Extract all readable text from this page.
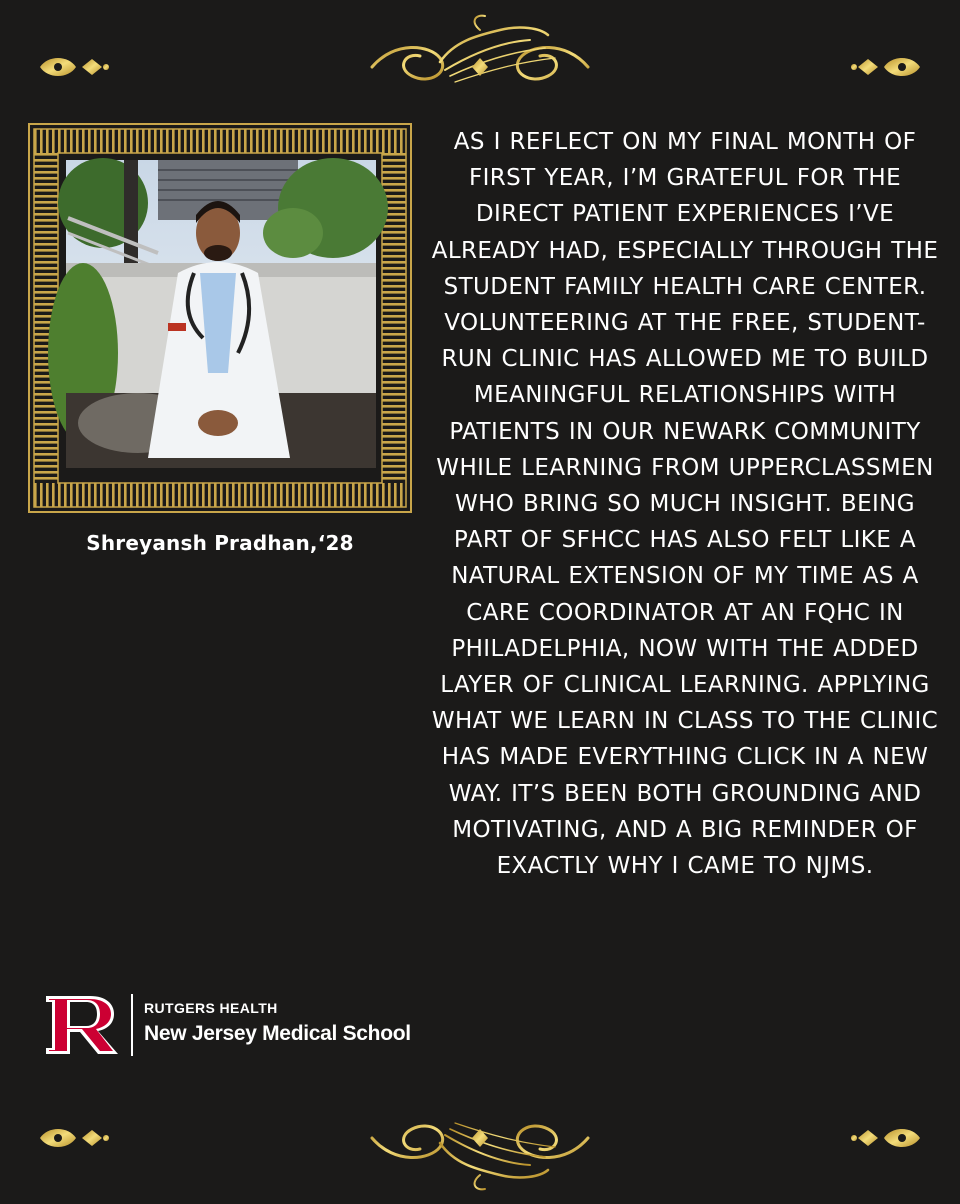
Shreyansh Pradhan,‘28
AS I REFLECT ON MY FINAL MONTH OF FIRST YEAR, I’M GRATEFUL FOR THE DIRECT PATIENT EXPERIENCES I’VE ALREADY HAD, ESPECIALLY THROUGH THE STUDENT FAMILY HEALTH CARE CENTER. VOLUNTEERING AT THE FREE, STUDENT-RUN CLINIC HAS ALLOWED ME TO BUILD MEANINGFUL RELATIONSHIPS WITH PATIENTS IN OUR NEWARK COMMUNITY WHILE LEARNING FROM UPPERCLASSMEN WHO BRING SO MUCH INSIGHT. BEING PART OF SFHCC HAS ALSO FELT LIKE A NATURAL EXTENSION OF MY TIME AS A CARE COORDINATOR AT AN FQHC IN PHILADELPHIA, NOW WITH THE ADDED LAYER OF CLINICAL LEARNING. APPLYING WHAT WE LEARN IN CLASS TO THE CLINIC HAS MADE EVERYTHING CLICK IN A NEW WAY. IT’S BEEN BOTH GROUNDING AND MOTIVATING, AND A BIG REMINDER OF EXACTLY WHY I CAME TO NJMS.
RUTGERS HEALTH
New Jersey Medical School
